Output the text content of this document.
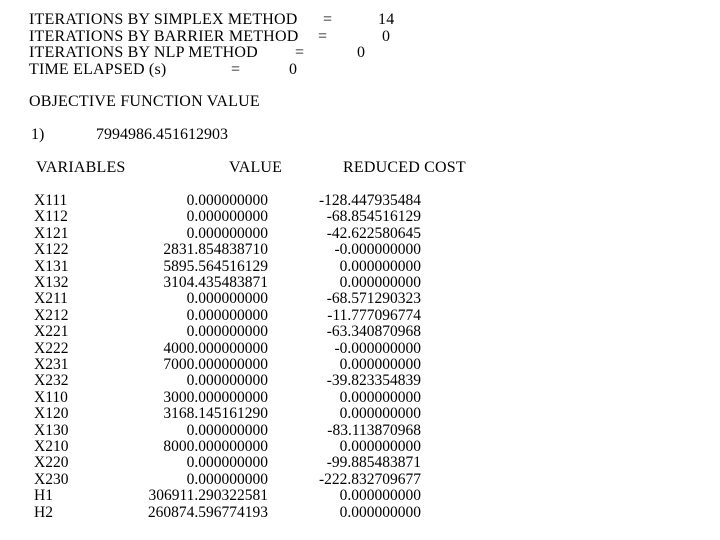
ITERATIONS BY SIMPLEX METHOD =	14
ITERATIONS BY BARRIER METHOD =	0
ITERATIONS BY NLP METHOD =	0
TIME ELAPSED (s)	=	0
OBJECTIVE FUNCTION VALUE
1)	7994986.451612903
VARIABLES	VALUE	REDUCED COST
X111	0.000000000	-128.447935484
X112	0.000000000	-68.854516129
X121	0.000000000	-42.622580645
X122	2831.854838710	-0.000000000
X131	5895.564516129	0.000000000
X132	3104.435483871	0.000000000
X211	0.000000000	-68.571290323
X212	0.000000000	-11.777096774
X221	0.000000000	-63.340870968
X222	4000.000000000	-0.000000000
X231	7000.000000000	0.000000000
X232	0.000000000	-39.823354839
X110	3000.000000000	0.000000000
X120	3168.145161290	0.000000000
X130	0.000000000	-83.113870968
X210	8000.000000000	0.000000000
X220	0.000000000	-99.885483871
X230	0.000000000	-222.832709677
H1	306911.290322581	0.000000000
H2	260874.596774193	0.000000000
